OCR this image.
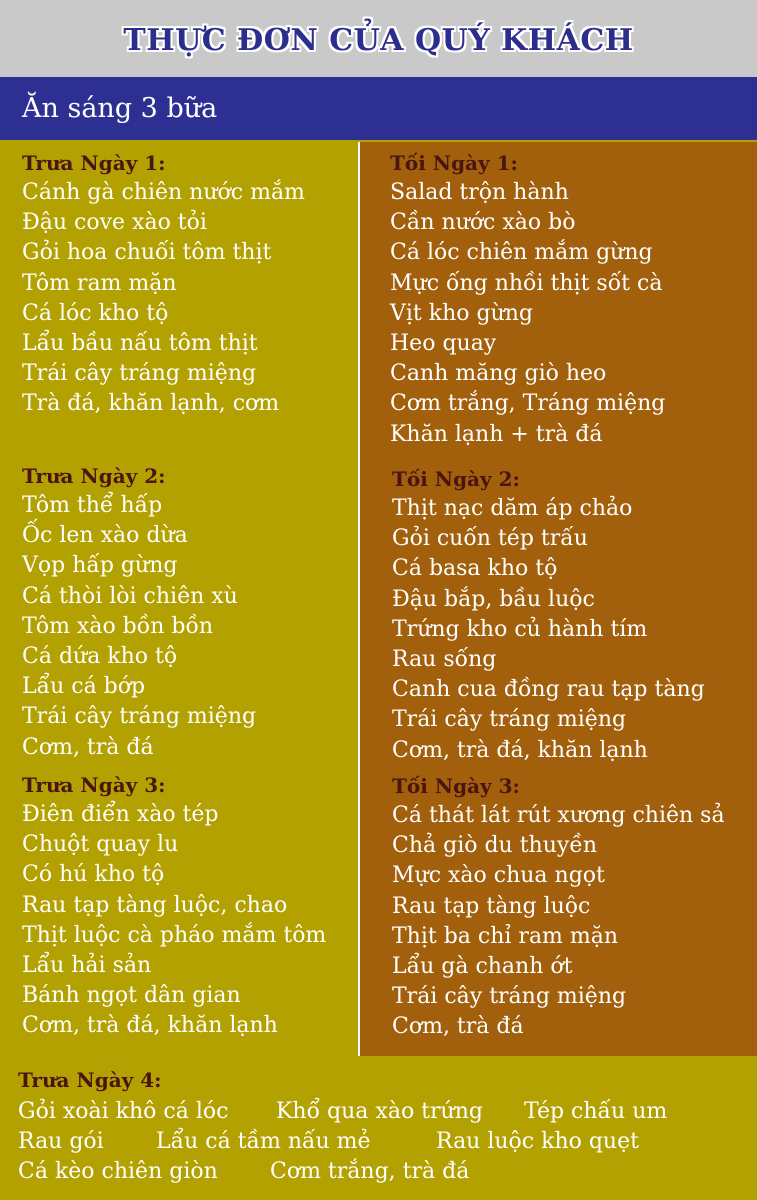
THỰC ĐƠN CỦA QUÝ KHÁCH
Ăn sáng 3 bữa
Trưa Ngày 1:
Cánh gà chiên nước mắm
Đậu cove xào tỏi
Gỏi hoa chuối tôm thịt
Tôm ram mặn
Cá lóc kho tộ
Lẩu bầu nấu tôm thịt
Trái cây tráng miệng
Trà đá, khăn lạnh, cơm
Trưa Ngày 2:
Tôm thể hấp
Ốc len xào dừa
Vọp hấp gừng
Cá thòi lòi chiên xù
Tôm xào bồn bồn
Cá dứa kho tộ
Lẩu cá bớp
Trái cây tráng miệng
Cơm, trà đá
Trưa Ngày 3:
Điên điển xào tép
Chuột quay lu
Có hú kho tộ
Rau tạp tàng luộc, chao
Thịt luộc cà pháo mắm tôm
Lẩu hải sản
Bánh ngọt dân gian
Cơm, trà đá, khăn lạnh
Tối Ngày 1:
Salad trộn hành
Cần nước xào bò
Cá lóc chiên mắm gừng
Mực ống nhồi thịt sốt cà
Vịt kho gừng
Heo quay
Canh măng giò heo
Cơm trắng, Tráng miệng
Khăn lạnh + trà đá
Tối Ngày 2:
Thịt nạc dăm áp chảo
Gỏi cuốn tép trấu
Cá basa kho tộ
Đậu bắp, bầu luộc
Trứng kho củ hành tím
Rau sống
Canh cua đồng rau tạp tàng
Trái cây tráng miệng
Cơm, trà đá, khăn lạnh
Tối Ngày 3:
Cá thát lát rút xương chiên sả
Chả giò du thuyền
Mực xào chua ngọt
Rau tạp tàng luộc
Thịt ba chỉ ram mặn
Lẩu gà chanh ớt
Trái cây tráng miệng
Cơm, trà đá
Trưa Ngày 4:
Gỏi xoài khô cá lóc Khổ qua xào trứng Tép chấu um
Rau gói Lẩu cá tầm nấu mẻ	Rau luộc kho quẹt
Cá kèo chiên giòn Cơm trắng, trà đá
